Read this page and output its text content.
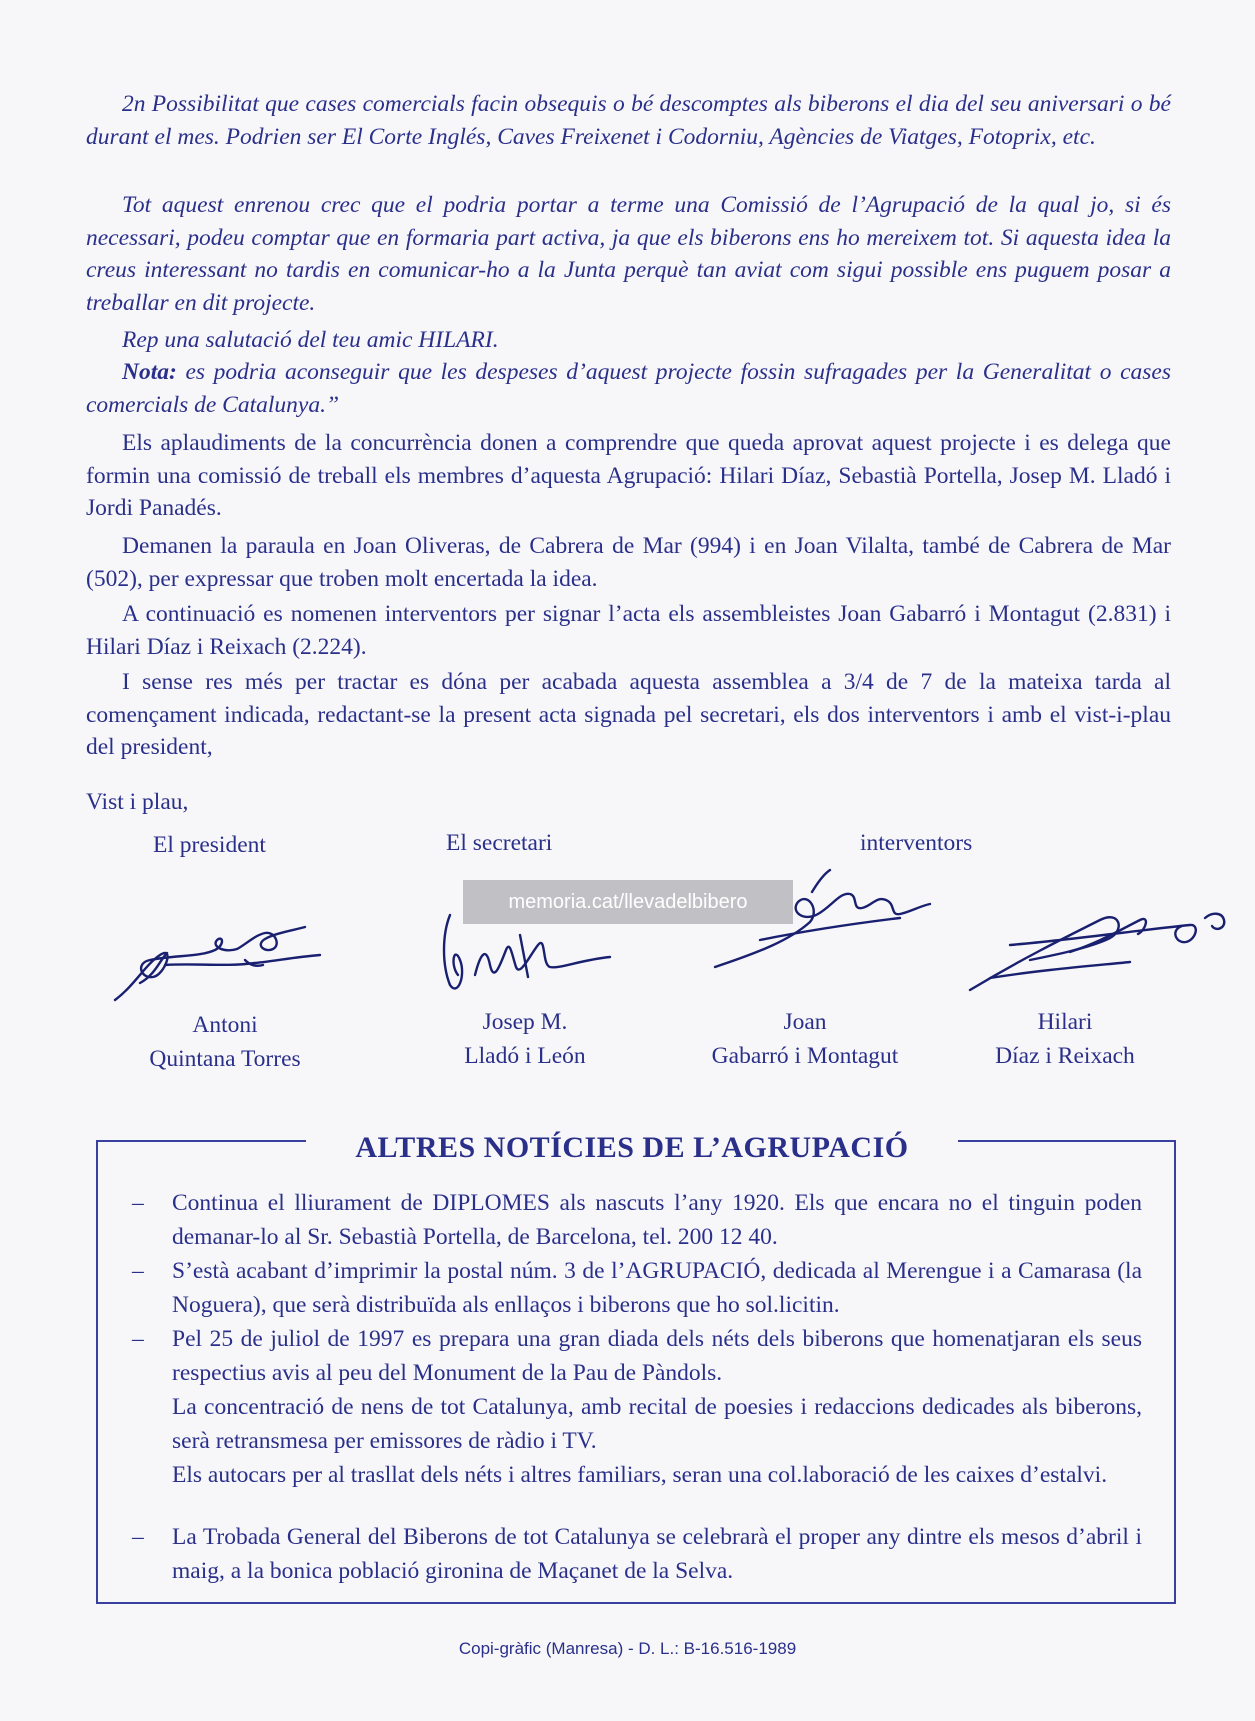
2n Possibilitat que cases comercials facin obsequis o bé descomptes als biberons el dia del seu aniversari o bé durant el mes. Podrien ser El Corte Inglés, Caves Freixenet i Codorniu, Agències de Viatges, Fotoprix, etc.

Tot aquest enrenou crec que el podria portar a terme una Comissió de l’Agrupació de la qual jo, si és necessari, podeu comptar que en formaria part activa, ja que els biberons ens ho mereixem tot. Si aquesta idea la creus interessant no tardis en comunicar-ho a la Junta perquè tan aviat com sigui possible ens puguem posar a treballar en dit projecte.

Rep una salutació del teu amic HILARI.

Nota: es podria aconseguir que les despeses d’aquest projecte fossin sufragades per la Generalitat o cases comercials de Catalunya.”

Els aplaudiments de la concurrència donen a comprendre que queda aprovat aquest projecte i es delega que formin una comissió de treball els membres d’aquesta Agrupació: Hilari Díaz, Sebastià Portella, Josep M. Lladó i Jordi Panadés.

Demanen la paraula en Joan Oliveras, de Cabrera de Mar (994) i en Joan Vilalta, també de Cabrera de Mar (502), per expressar que troben molt encertada la idea.

A continuació es nomenen interventors per signar l’acta els assembleistes Joan Gabarró i Montagut (2.831) i Hilari Díaz i Reixach (2.224).

I sense res més per tractar es dóna per acabada aquesta assemblea a 3/4 de 7 de la mateixa tarda al començament indicada, redactant-se la present acta signada pel secretari, els dos interventors i amb el vist-i-plau del president,

Vist i plau,

El president	El secretari	interventors
Antoni
Quintana Torres
Josep M.
Lladó i León
Joan
Gabarró i Montagut
Hilari
Díaz i Reixach
memoria.cat/llevadelbibero
ALTRES NOTÍCIES DE L’AGRUPACIÓ
– Continua el lliurament de DIPLOMES als nascuts l’any 1920. Els que encara no el tinguin poden demanar-lo al Sr. Sebastià Portella, de Barcelona, tel. 200 12 40.
– S’està acabant d’imprimir la postal núm. 3 de l’AGRUPACIÓ, dedicada al Merengue i a Camarasa (la Noguera), que serà distribuïda als enllaços i biberons que ho sol.licitin.
– Pel 25 de juliol de 1997 es prepara una gran diada dels néts dels biberons que homenatjaran els seus respectius avis al peu del Monument de la Pau de Pàndols.
La concentració de nens de tot Catalunya, amb recital de poesies i redaccions dedicades als biberons, serà retransmesa per emissores de ràdio i TV.
Els autocars per al trasllat dels néts i altres familiars, seran una col.laboració de les caixes d’estalvi.
– La Trobada General del Biberons de tot Catalunya se celebrarà el proper any dintre els mesos d’abril i maig, a la bonica població gironina de Maçanet de la Selva.
Copi-gràfic (Manresa) - D. L.: B-16.516-1989
